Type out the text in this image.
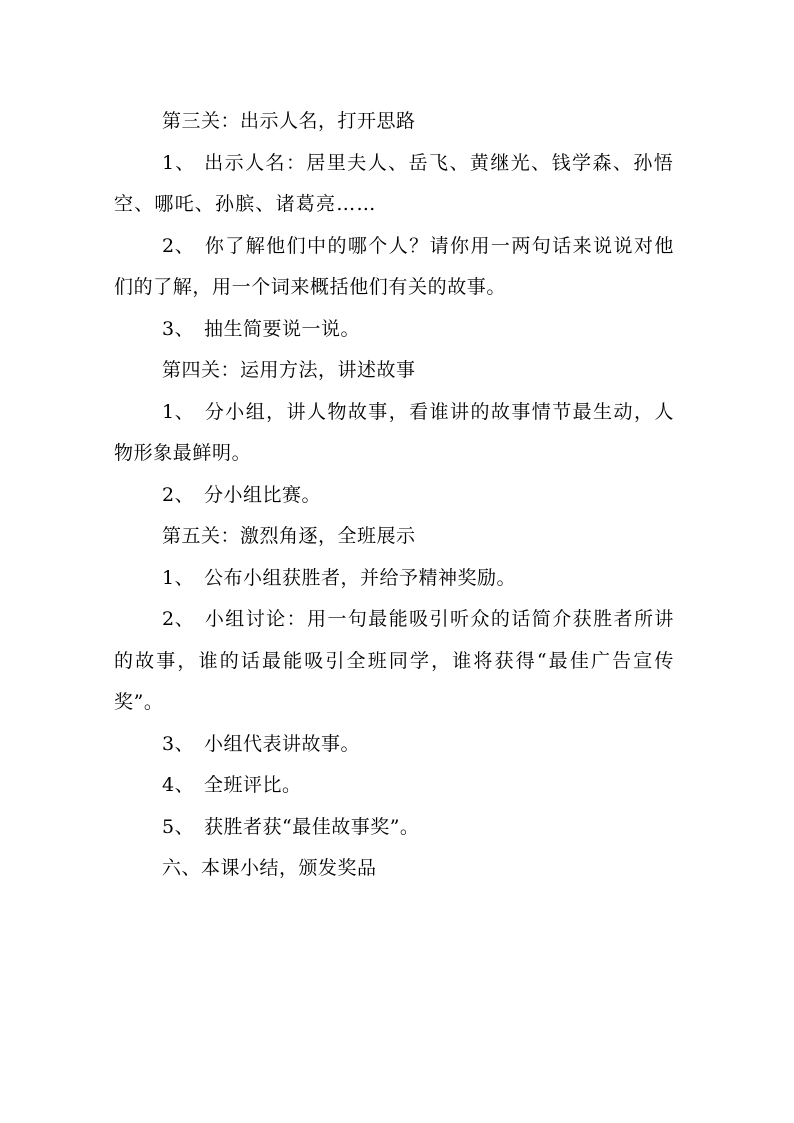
第三关：出示人名，打开思路

1、 出示人名：居里夫人、岳飞、黄继光、钱学森、孙悟空、哪吒、孙膑、诸葛亮……

2、 你了解他们中的哪个人？请你用一两句话来说说对他们的了解，用一个词来概括他们有关的故事。

3、 抽生简要说一说。

第四关：运用方法，讲述故事

1、 分小组，讲人物故事，看谁讲的故事情节最生动，人物形象最鲜明。

2、 分小组比赛。

第五关：激烈角逐，全班展示

1、 公布小组获胜者，并给予精神奖励。

2、 小组讨论：用一句最能吸引听众的话简介获胜者所讲的故事，谁的话最能吸引全班同学，谁将获得“最佳广告宣传奖”。

3、 小组代表讲故事。

4、 全班评比。

5、 获胜者获“最佳故事奖”。

六、本课小结，颁发奖品
